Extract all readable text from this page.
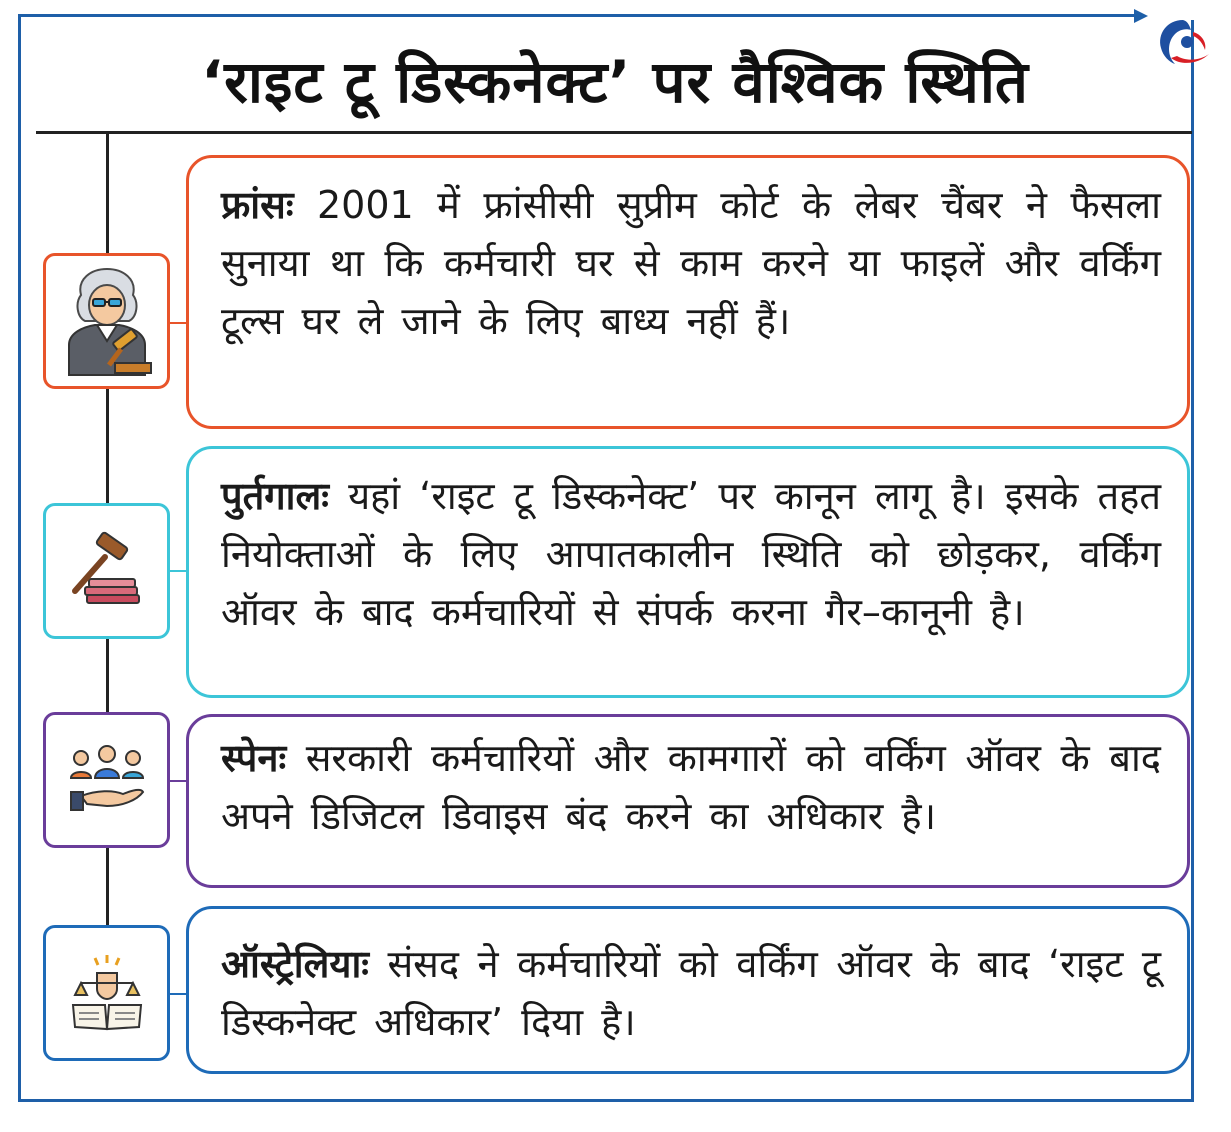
‘राइट टू डिस्कनेक्ट’ पर वैश्विक स्थिति
फ्रांसः 2001 में फ्रांसीसी सुप्रीम कोर्ट के लेबर चैंबर ने फैसला सुनाया था कि कर्मचारी घर से काम करने या फाइलें और वर्किंग टूल्स घर ले जाने के लिए बाध्य नहीं हैं।
पुर्तगालः यहां ‘राइट टू डिस्कनेक्ट’ पर कानून लागू है। इसके तहत नियोक्ताओं के लिए आपातकालीन स्थिति को छोड़कर, वर्किंग ऑवर के बाद कर्मचारियों से संपर्क करना गैर–कानूनी है।
स्पेनः सरकारी कर्मचारियों और कामगारों को वर्किंग ऑवर के बाद अपने डिजिटल डिवाइस बंद करने का अधिकार है।
ऑस्ट्रेलियाः संसद ने कर्मचारियों को वर्किंग ऑवर के बाद ‘राइट टू डिस्कनेक्ट अधिकार’ दिया है।
